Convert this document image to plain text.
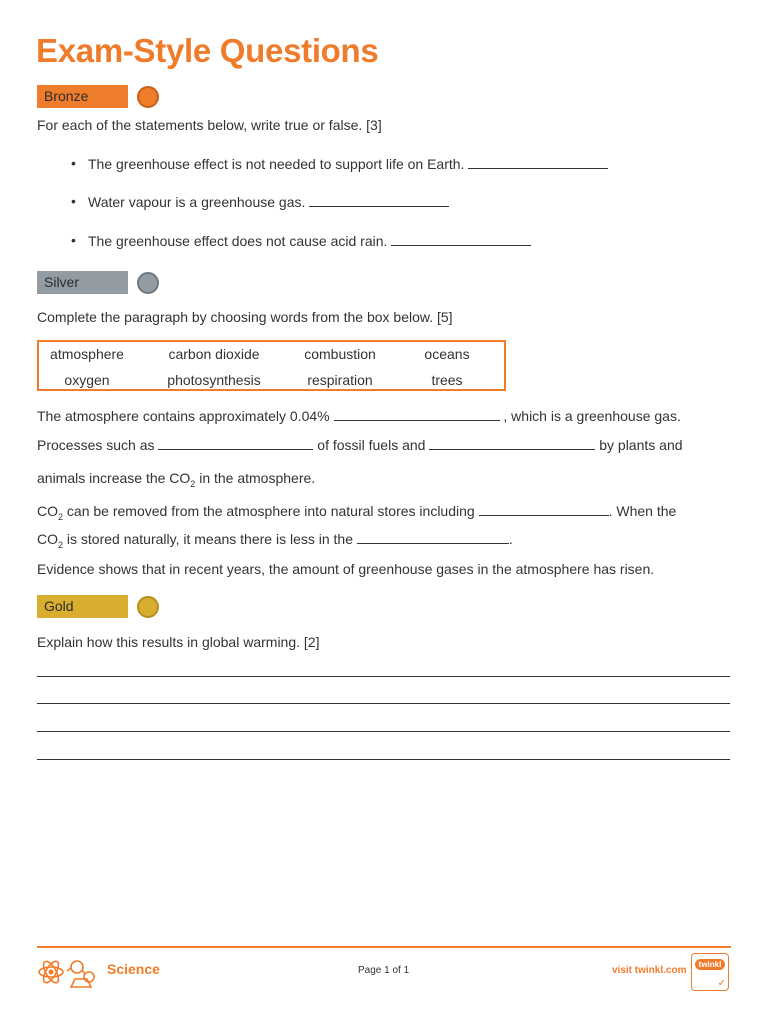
Exam-Style Questions
Bronze
For each of the statements below, write true or false. [3]
• The greenhouse effect is not needed to support life on Earth.
• Water vapour is a greenhouse gas.
• The greenhouse effect does not cause acid rain.
Silver
Complete the paragraph by choosing words from the box below. [5]
atmosphere	carbon dioxide	combustion	oceans
oxygen	photosynthesis	respiration	trees
The atmosphere contains approximately 0.04%	, which is a greenhouse gas.
Processes such as	of fossil fuels and	by plants and
animals increase the $CO_2$ in the atmosphere.
$CO_2$ can be removed from the atmosphere into natural stores including	. When the
$CO_2$ is stored naturally, it means there is less in the	.
Evidence shows that in recent years, the amount of greenhouse gases in the atmosphere has risen.
Gold
Explain how this results in global warming. [2]
Science	Page 1 of 1	visit twinkl.com
twinkl
✓
